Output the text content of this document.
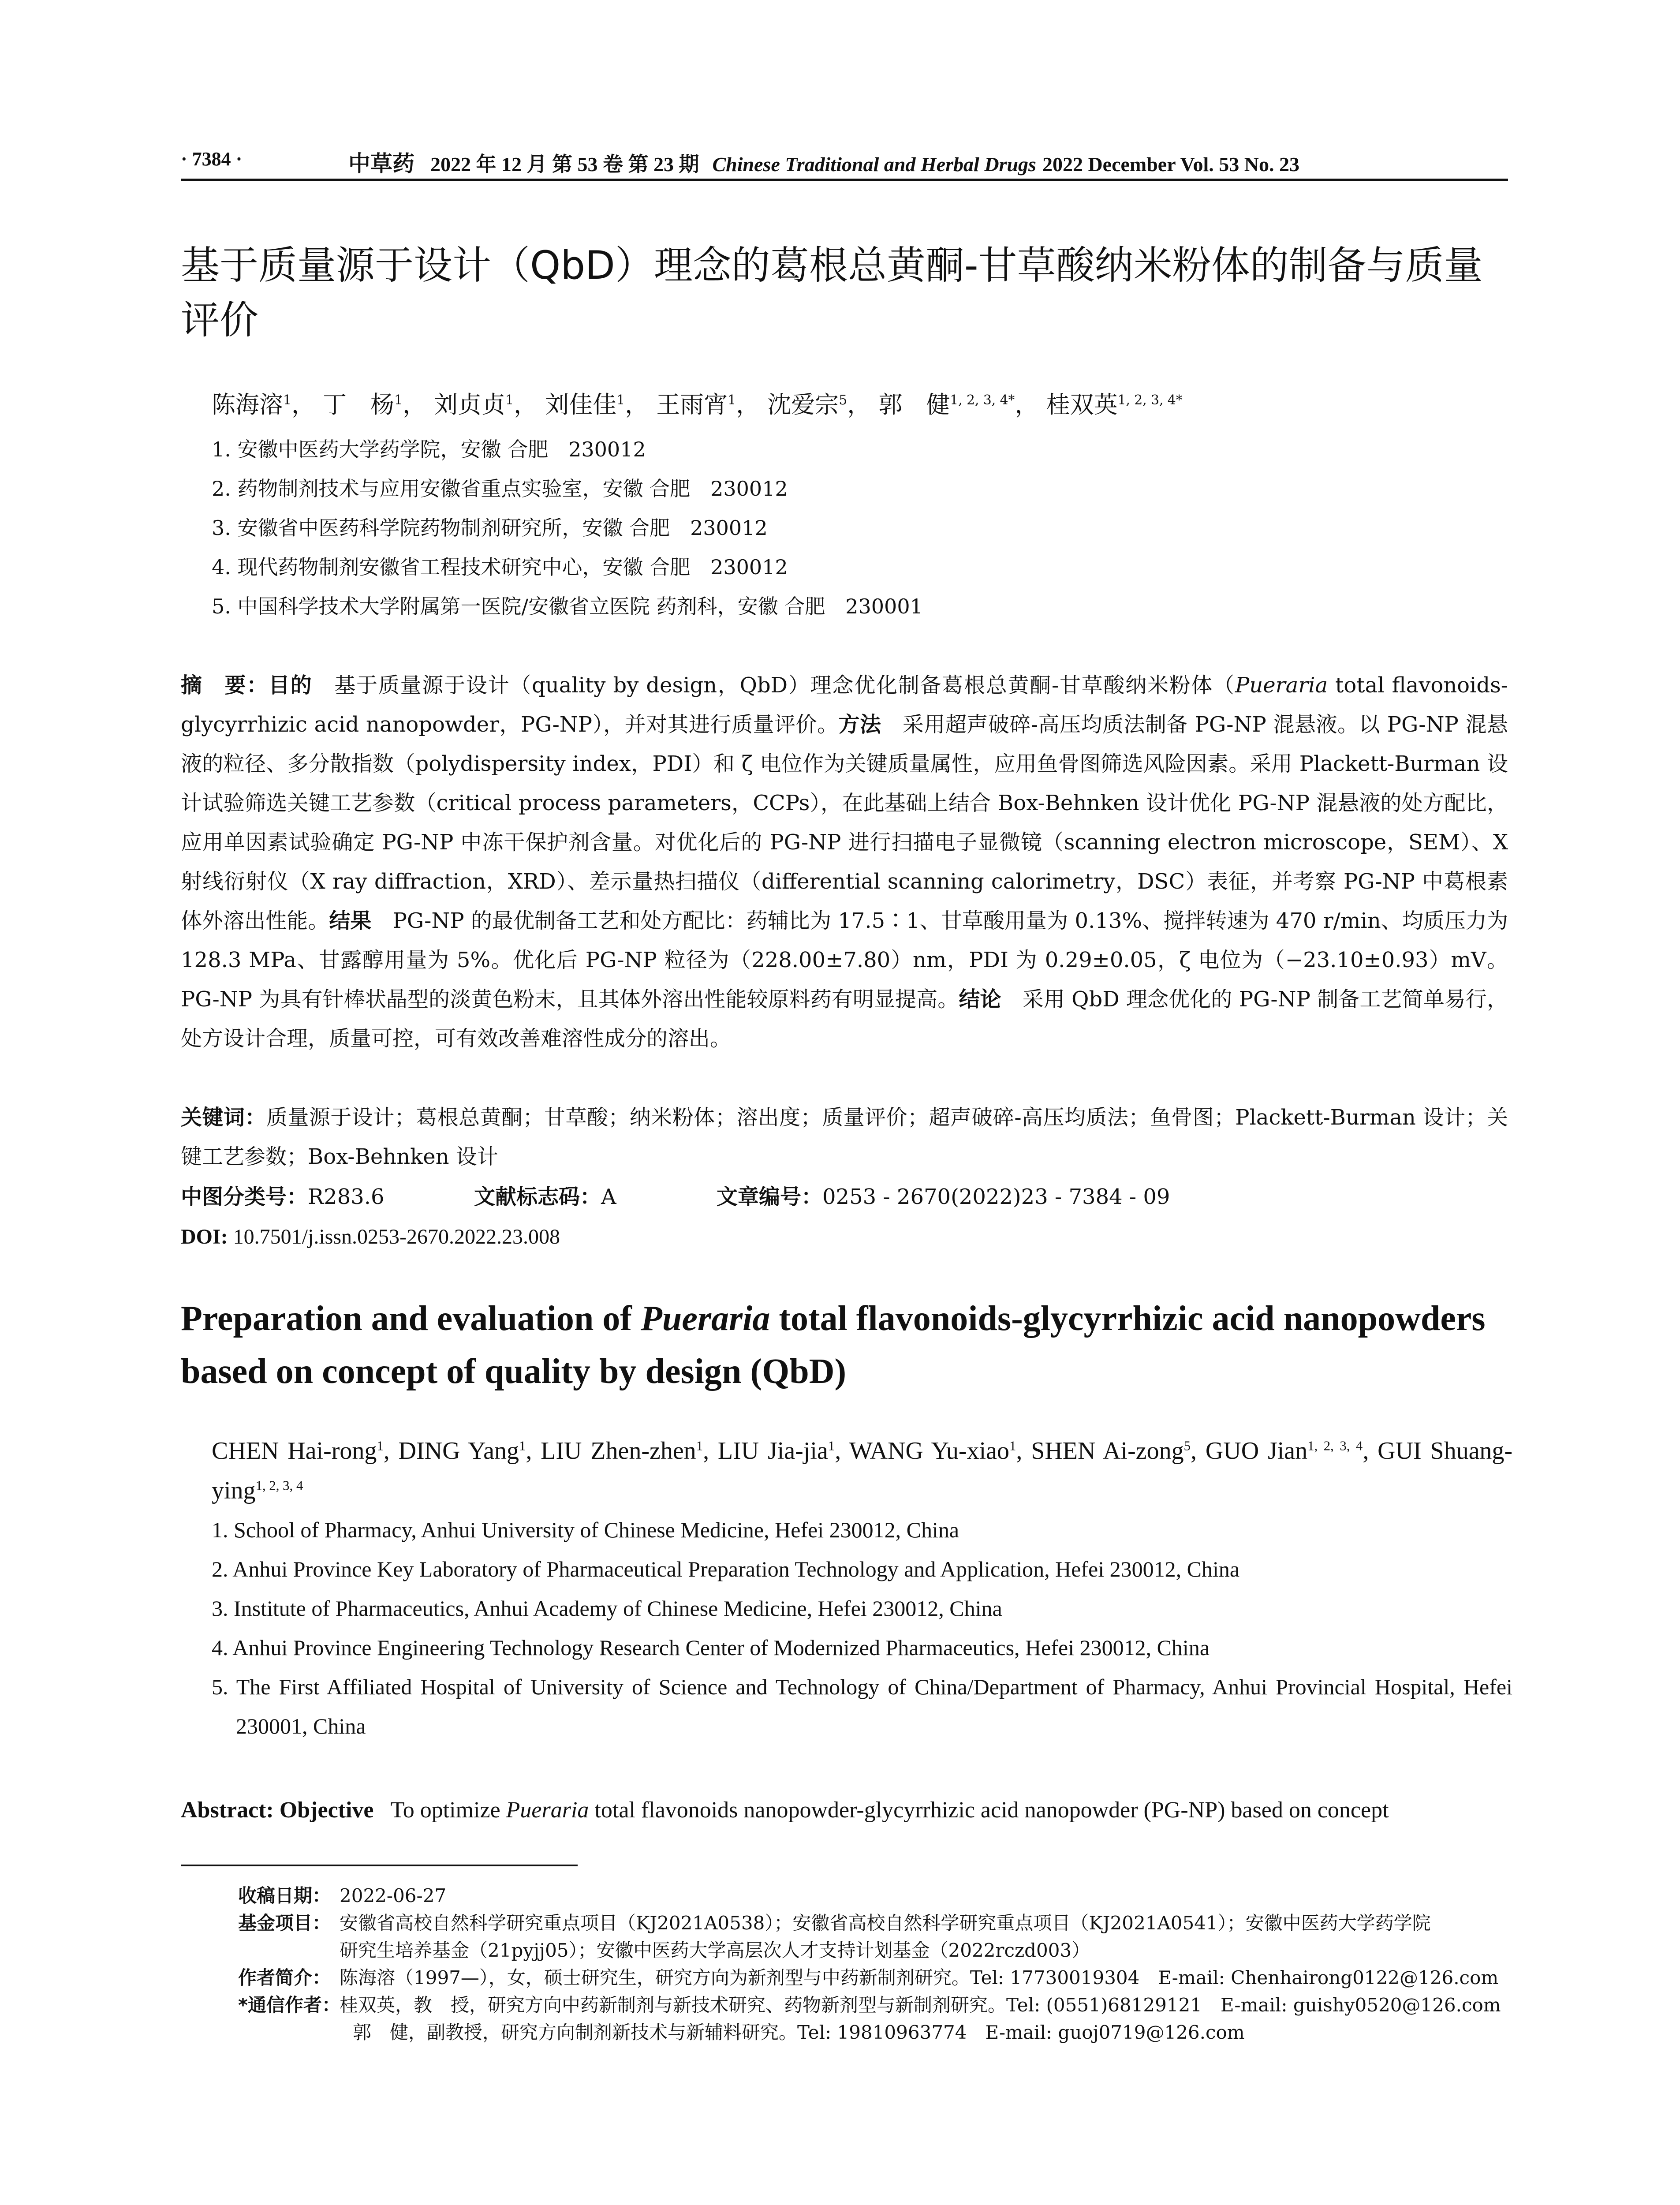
· 7384 ·	中草药 2022 年 12 月 第 53 卷 第 23 期 Chinese Traditional and Herbal Drugs 2022 December Vol. 53 No. 23
基于质量源于设计（QbD）理念的葛根总黄酮-甘草酸纳米粉体的制备与质量评价
陈海溶$^1$， 丁　杨$^1$， 刘贞贞$^1$， 刘佳佳$^1$， 王雨宵$^1$， 沈爱宗$^5$， 郭　健$^{1, 2, 3, 4*}$， 桂双英$^{1, 2, 3, 4*}$
1. 安徽中医药大学药学院，安徽 合肥　230012
2. 药物制剂技术与应用安徽省重点实验室，安徽 合肥　230012
3. 安徽省中医药科学院药物制剂研究所，安徽 合肥　230012
4. 现代药物制剂安徽省工程技术研究中心，安徽 合肥　230012
5. 中国科学技术大学附属第一医院/安徽省立医院 药剂科，安徽 合肥　230001
摘　要：目的　基于质量源于设计（quality by design，QbD）理念优化制备葛根总黄酮-甘草酸纳米粉体（Pueraria total flavonoids-glycyrrhizic acid nanopowder，PG-NP），并对其进行质量评价。方法　采用超声破碎-高压均质法制备 PG-NP 混悬液。以 PG-NP 混悬液的粒径、多分散指数（polydispersity index，PDI）和 ζ 电位作为关键质量属性，应用鱼骨图筛选风险因素。采用 Plackett-Burman 设计试验筛选关键工艺参数（critical process parameters，CCPs），在此基础上结合 Box-Behnken 设计优化 PG-NP 混悬液的处方配比，应用单因素试验确定 PG-NP 中冻干保护剂含量。对优化后的 PG-NP 进行扫描电子显微镜（scanning electron microscope，SEM）、X 射线衍射仪（X ray diffraction，XRD）、差示量热扫描仪（differential scanning calorimetry，DSC）表征，并考察 PG-NP 中葛根素体外溶出性能。结果　PG-NP 的最优制备工艺和处方配比：药辅比为 17.5∶1、甘草酸用量为 0.13%、搅拌转速为 470 r/min、均质压力为 128.3 MPa、甘露醇用量为 5%。优化后 PG-NP 粒径为（228.00±7.80）nm，PDI 为 0.29±0.05，ζ 电位为（−23.10±0.93）mV。PG-NP 为具有针棒状晶型的淡黄色粉末，且其体外溶出性能较原料药有明显提高。结论　采用 QbD 理念优化的 PG-NP 制备工艺简单易行，处方设计合理，质量可控，可有效改善难溶性成分的溶出。
关键词：质量源于设计；葛根总黄酮；甘草酸；纳米粉体；溶出度；质量评价；超声破碎-高压均质法；鱼骨图；Plackett-Burman 设计；关键工艺参数；Box-Behnken 设计
中图分类号：R283.6	文献标志码：A	文章编号：0253 - 2670(2022)23 - 7384 - 09
DOI: 10.7501/j.issn.0253-2670.2022.23.008
Preparation and evaluation of Pueraria total flavonoids-glycyrrhizic acid nanopowders based on concept of quality by design (QbD)
CHEN Hai-rong$^1$, DING Yang$^1$, LIU Zhen-zhen$^1$, LIU Jia-jia$^1$, WANG Yu-xiao$^1$, SHEN Ai-zong$^5$, GUO Jian$^{1, 2, 3, 4}$, GUI Shuang-ying$^{1, 2, 3, 4}$
1. School of Pharmacy, Anhui University of Chinese Medicine, Hefei 230012, China
2. Anhui Province Key Laboratory of Pharmaceutical Preparation Technology and Application, Hefei 230012, China
3. Institute of Pharmaceutics, Anhui Academy of Chinese Medicine, Hefei 230012, China
4. Anhui Province Engineering Technology Research Center of Modernized Pharmaceutics, Hefei 230012, China
5. The First Affiliated Hospital of University of Science and Technology of China/Department of Pharmacy, Anhui Provincial Hospital, Hefei 230001, China
Abstract: Objective   To optimize Pueraria total flavonoids nanopowder-glycyrrhizic acid nanopowder (PG-NP) based on concept
收稿日期： 2022-06-27
基金项目： 安徽省高校自然科学研究重点项目（KJ2021A0538）；安徽省高校自然科学研究重点项目（KJ2021A0541）；安徽中医药大学药学院
研究生培养基金（21pyjj05）；安徽中医药大学高层次人才支持计划基金（2022rczd003）
作者简介： 陈海溶（1997—），女，硕士研究生，研究方向为新剂型与中药新制剂研究。Tel: 17730019304　E-mail: Chenhairong0122@126.com
*通信作者：
桂双英，教　授，研究方向中药新制剂与新技术研究、药物新剂型与新制剂研究。Tel: (0551)68129121　E-mail: guishy0520@126.com
郭　健，副教授，研究方向制剂新技术与新辅料研究。Tel: 19810963774　E-mail: guoj0719@126.com
